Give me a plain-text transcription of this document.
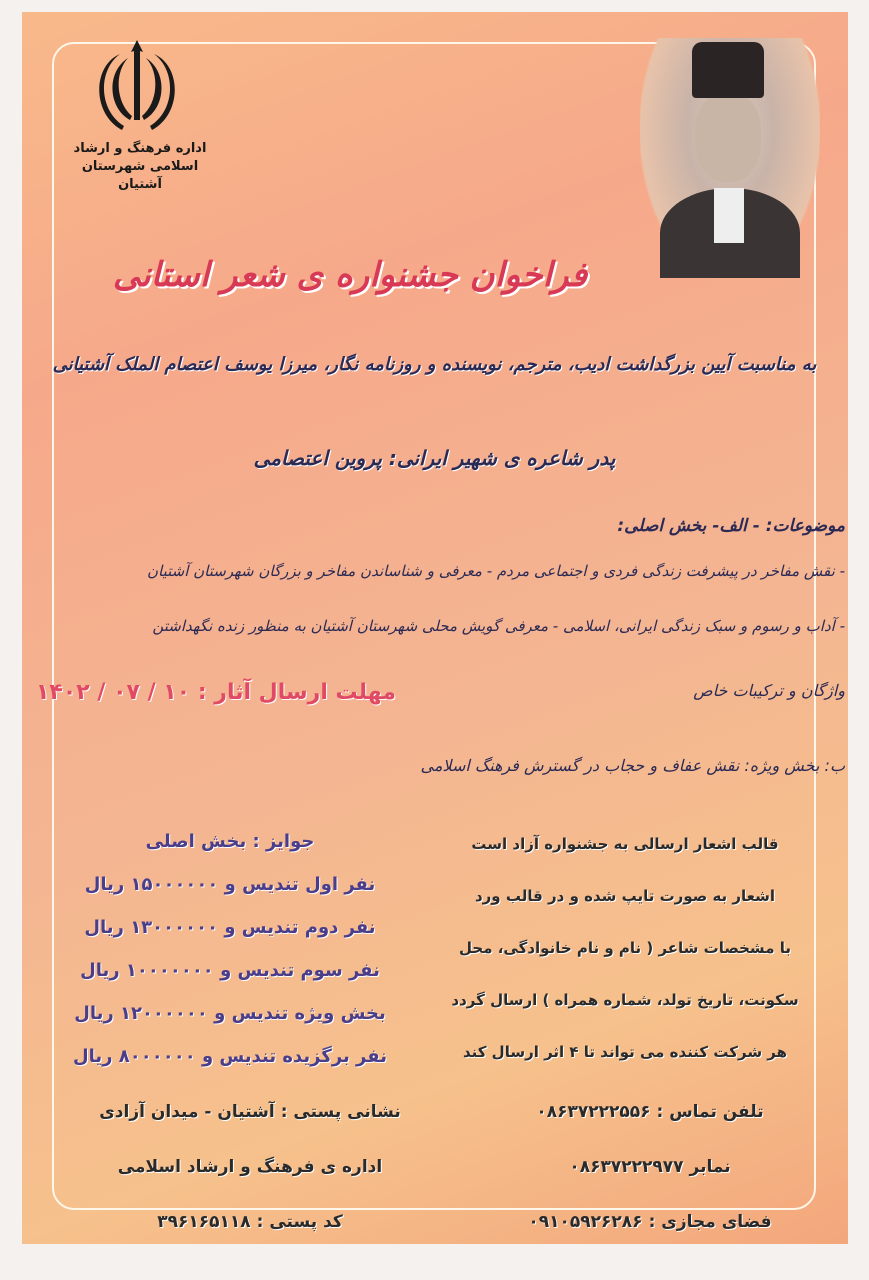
اداره فرهنگ و ارشاد
اسلامی شهرستان آشتیان
فراخوان جشنواره ی شعر استانی
به مناسبت آیین بزرگداشت ادیب، مترجم، نویسنده و روزنامه نگار، میرزا یوسف اعتصام الملک آشتیانی
پدر شاعره ی شهیر ایرانی: پروین اعتصامی
موضوعات: - الف- بخش اصلی:
- نقش مفاخر در پیشرفت زندگی فردی و اجتماعی مردم - معرفی و شناساندن مفاخر و بزرگان شهرستان آشتیان
- آداب و رسوم و سبک زندگی ایرانی، اسلامی - معرفی گویش محلی شهرستان آشتیان به منظور زنده نگهداشتن
واژگان و ترکیبات خاص
ب: بخش ویژه: نقش عفاف و حجاب در گسترش فرهنگ اسلامی
مهلت ارسال آثار : ۱۰ / ۰۷ / ۱۴۰۲
جوایز : بخش اصلی
نفر اول تندیس و ۱۵۰۰۰۰۰۰ ریال
نفر دوم تندیس و ۱۳۰۰۰۰۰۰ ریال
نفر سوم تندیس و ۱۰۰۰۰۰۰۰ ریال
بخش ویژه تندیس و ۱۲۰۰۰۰۰۰ ریال
نفر برگزیده تندیس و ۸۰۰۰۰۰۰ ریال
قالب اشعار ارسالی به جشنواره آزاد است
اشعار به صورت تایپ شده و در قالب ورد
با مشخصات شاعر ( نام و نام خانوادگی، محل
سکونت، تاریخ تولد، شماره همراه ) ارسال گردد
هر شرکت کننده می تواند تا ۴ اثر ارسال کند
تلفن تماس :۰۸۶۳۷۲۲۲۵۵۶
نمابر۰۸۶۳۷۲۲۲۹۷۷
فضای مجازی :۰۹۱۰۵۹۲۶۲۸۶
نشانی پستی :آشتیان - میدان آزادی
اداره ی فرهنگ و ارشاد اسلامی
کد پستی :۳۹۶۱۶۵۱۱۸
